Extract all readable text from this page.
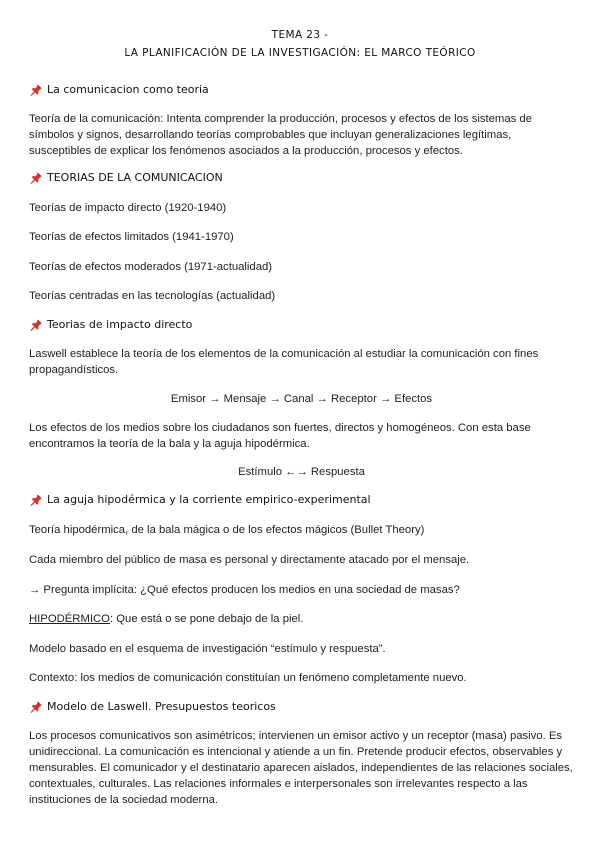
TEMA 23 -
LA PLANIFICACIÓN DE LA INVESTIGACIÓN: EL MARCO TEÓRICO
La comunicacion como teoria
Teoría de la comunicación: Intenta comprender la producción, procesos y efectos de los sistemas de símbolos y signos, desarrollando teorías comprobables que incluyan generalizaciones legítimas, susceptibles de explicar los fenómenos asociados a la producción, procesos y efectos.
TEORIAS DE LA COMUNICACION
Teorías de impacto directo (1920-1940)
Teorías de efectos limitados (1941-1970)
Teorías de efectos moderados (1971-actualidad)
Teorías centradas en las tecnologías (actualidad)
Teorias de impacto directo
Laswell establece la teoría de los elementos de la comunicación al estudiar la comunicación con fines propagandísticos.
Emisor → Mensaje → Canal → Receptor → Efectos
Los efectos de los medios sobre los ciudadanos son fuertes, directos y homogéneos. Con esta base encontramos la teoría de la bala y la aguja hipodérmica.
Estímulo ←→ Respuesta
La aguja hipodérmica y la corriente empirico-experimental
Teoría hipodérmica, de la bala mágica o de los efectos mágicos (Bullet Theory)
Cada miembro del público de masa es personal y directamente atacado por el mensaje.
→ Pregunta implícita: ¿Qué efectos producen los medios en una sociedad de masas?
HIPODÉRMICO: Que está o se pone debajo de la piel.
Modelo basado en el esquema de investigación “estímulo y respuesta”.
Contexto: los medios de comunicación constituían un fenómeno completamente nuevo.
Modelo de Laswell. Presupuestos teoricos
Los procesos comunicativos son asimétricos; intervienen un emisor activo y un receptor (masa) pasivo. Es unidireccional. La comunicación es intencional y atiende a un fin. Pretende producir efectos, observables y mensurables. El comunicador y el destinatario aparecen aislados, independientes de las relaciones sociales, contextuales, culturales. Las relaciones informales e interpersonales son irrelevantes respecto a las instituciones de la sociedad moderna.
